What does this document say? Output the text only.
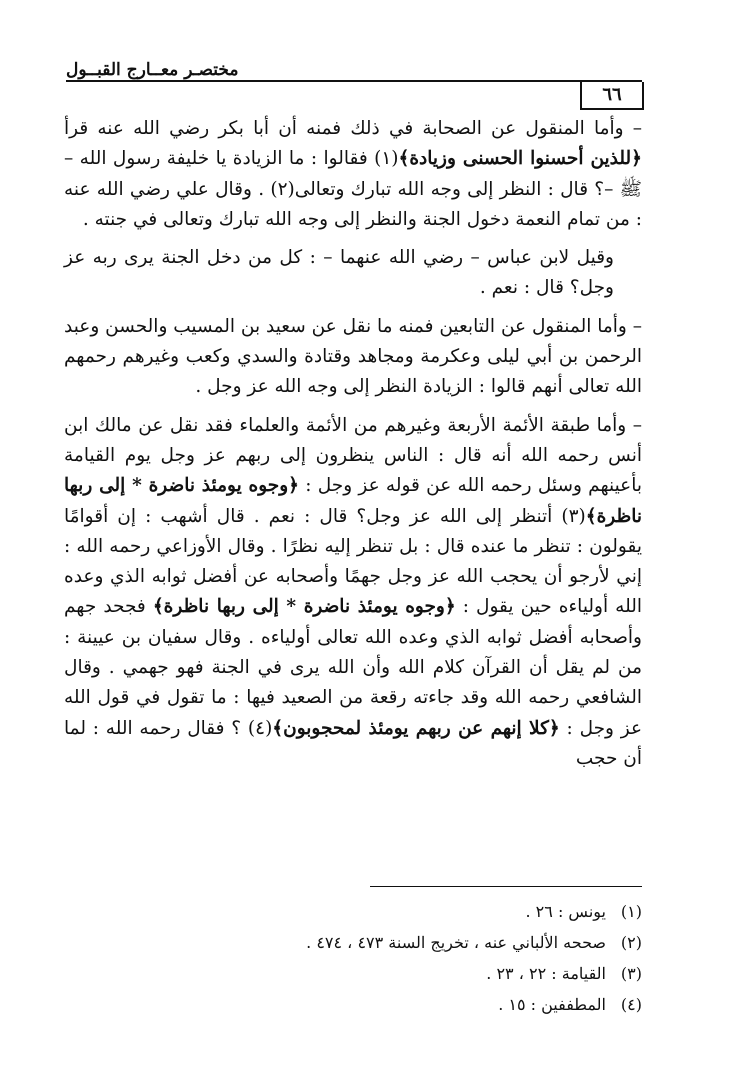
مختصـر معــارج القبــول
٦٦

– وأما المنقول عن الصحابة في ذلك فمنه أن أبا بكر رضي الله عنه قرأ ﴿للذين أحسنوا الحسنى وزيادة﴾(١) فقالوا : ما الزيادة يا خليفة رسول الله – ﷺ –؟ قال : النظر إلى وجه الله تبارك وتعالى(٢) . وقال علي رضي الله عنه : من تمام النعمة دخول الجنة والنظر إلى وجه الله تبارك وتعالى في جنته .

وقيل لابن عباس – رضي الله عنهما – : كل من دخل الجنة يرى ربه عز وجل؟ قال : نعم .

– وأما المنقول عن التابعين فمنه ما نقل عن سعيد بن المسيب والحسن وعبد الرحمن بن أبي ليلى وعكرمة ومجاهد وقتادة والسدي وكعب وغيرهم رحمهم الله تعالى أنهم قالوا : الزيادة النظر إلى وجه الله عز وجل .

– وأما طبقة الأئمة الأربعة وغيرهم من الأئمة والعلماء فقد نقل عن مالك ابن أنس رحمه الله أنه قال : الناس ينظرون إلى ربهم عز وجل يوم القيامة بأعينهم وسئل رحمه الله عن قوله عز وجل : ﴿وجوه يومئذ ناضرة * إلى ربها ناظرة﴾(٣) أتنظر إلى الله عز وجل؟ قال : نعم . قال أشهب : إن أقوامًا يقولون : تنظر ما عنده قال : بل تنظر إليه نظرًا . وقال الأوزاعي رحمه الله : إني لأرجو أن يحجب الله عز وجل جهمًا وأصحابه عن أفضل ثوابه الذي وعده الله أولياءه حين يقول : ﴿وجوه يومئذ ناضرة * إلى ربها ناظرة﴾ فجحد جهم وأصحابه أفضل ثوابه الذي وعده الله تعالى أولياءه . وقال سفيان بن عيينة : من لم يقل أن القرآن كلام الله وأن الله يرى في الجنة فهو جهمي . وقال الشافعي رحمه الله وقد جاءته رقعة من الصعيد فيها : ما تقول في قول الله عز وجل : ﴿كلا إنهم عن ربهم يومئذ لمحجوبون﴾(٤) ؟ فقال رحمه الله : لما أن حجب

(١)يونس : ٢٦ .

(٢)صححه الألباني عنه ، تخريج السنة ٤٧٣ ، ٤٧٤ .

(٣)القيامة : ٢٢ ، ٢٣ .

(٤)المطففين : ١٥ .
